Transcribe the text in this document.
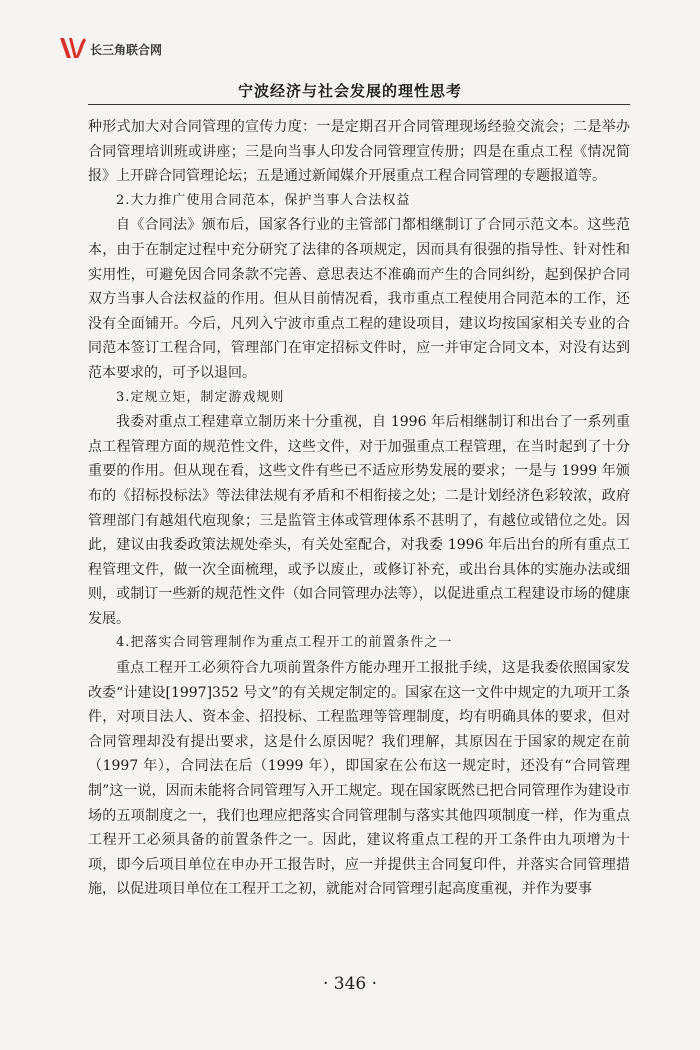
长三角联合网
宁波经济与社会发展的理性思考

种形式加大对合同管理的宣传力度：一是定期召开合同管理现场经验交流会；二是举办合同管理培训班或讲座；三是向当事人印发合同管理宣传册；四是在重点工程《情况简报》上开辟合同管理论坛；五是通过新闻媒介开展重点工程合同管理的专题报道等。

2.大力推广使用合同范本，保护当事人合法权益

自《合同法》颁布后，国家各行业的主管部门都相继制订了合同示范文本。这些范本，由于在制定过程中充分研究了法律的各项规定，因而具有很强的指导性、针对性和实用性，可避免因合同条款不完善、意思表达不准确而产生的合同纠纷，起到保护合同双方当事人合法权益的作用。但从目前情况看，我市重点工程使用合同范本的工作，还没有全面铺开。今后，凡列入宁波市重点工程的建设项目，建议均按国家相关专业的合同范本签订工程合同，管理部门在审定招标文件时，应一并审定合同文本，对没有达到范本要求的，可予以退回。

3.定规立矩，制定游戏规则

我委对重点工程建章立制历来十分重视，自 1996 年后相继制订和出台了一系列重点工程管理方面的规范性文件，这些文件，对于加强重点工程管理，在当时起到了十分重要的作用。但从现在看，这些文件有些已不适应形势发展的要求；一是与 1999 年颁布的《招标投标法》等法律法规有矛盾和不相衔接之处；二是计划经济色彩较浓，政府管理部门有越俎代庖现象；三是监管主体或管理体系不甚明了，有越位或错位之处。因此，建议由我委政策法规处牵头，有关处室配合，对我委 1996 年后出台的所有重点工程管理文件，做一次全面梳理，或予以废止，或修订补充，或出台具体的实施办法或细则，或制订一些新的规范性文件（如合同管理办法等），以促进重点工程建设市场的健康发展。

4.把落实合同管理制作为重点工程开工的前置条件之一

重点工程开工必须符合九项前置条件方能办理开工报批手续，这是我委依照国家发改委“计建设[1997]352 号文”的有关规定制定的。国家在这一文件中规定的九项开工条件，对项目法人、资本金、招投标、工程监理等管理制度，均有明确具体的要求，但对合同管理却没有提出要求，这是什么原因呢？我们理解，其原因在于国家的规定在前（1997 年），合同法在后（1999 年），即国家在公布这一规定时，还没有“合同管理制”这一说，因而未能将合同管理写入开工规定。现在国家既然已把合同管理作为建设市场的五项制度之一，我们也理应把落实合同管理制与落实其他四项制度一样，作为重点工程开工必须具备的前置条件之一。因此，建议将重点工程的开工条件由九项增为十项，即今后项目单位在申办开工报告时，应一并提供主合同复印件，并落实合同管理措施，以促进项目单位在工程开工之初，就能对合同管理引起高度重视，并作为要事

· 346 ·
